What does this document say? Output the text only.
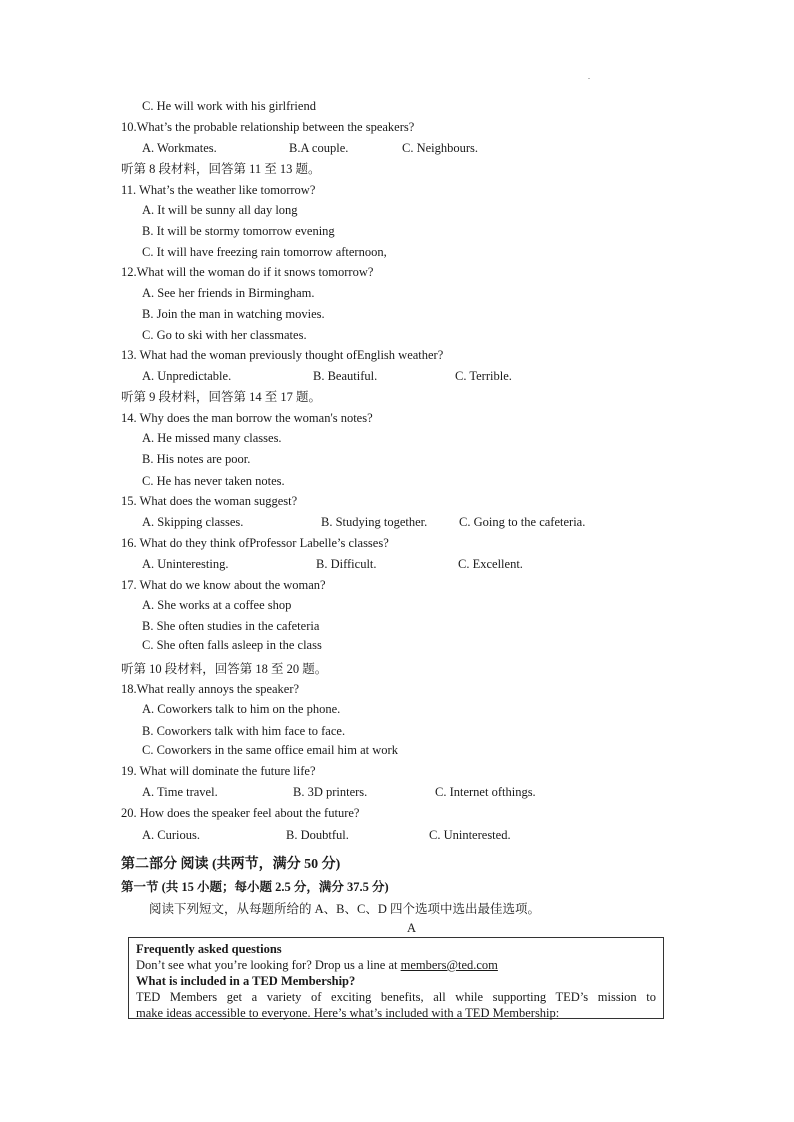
C. He will work with his girlfriend
10.What’s the probable relationship between the speakers?
A. Workmates.	B.A couple.	C. Neighbours.
听第 8 段材料，回答第 11 至 13 题。
11. What’s the weather like tomorrow?
A. It will be sunny all day long
B. It will be stormy tomorrow evening
C. It will have freezing rain tomorrow afternoon,
12.What will the woman do if it snows tomorrow?
A. See her friends in Birmingham.
B. Join the man in watching movies.
C. Go to ski with her classmates.
13. What had the woman previously thought ofEnglish weather?
A. Unpredictable.	B. Beautiful.	C. Terrible.
听第 9 段材料，回答第 14 至 17 题。
14. Why does the man borrow the woman's notes?
A. He missed many classes.
B. His notes are poor.
C. He has never taken notes.
15. What does the woman suggest?
A. Skipping classes.	B. Studying together.	C. Going to the cafeteria.
16. What do they think ofProfessor Labelle’s classes?
A. Uninteresting.	B. Difficult.	C. Excellent.
17. What do we know about the woman?
A. She works at a coffee shop
B. She often studies in the cafeteria
C. She often falls asleep in the class
听第 10 段材料，回答第 18 至 20 题。
18.What really annoys the speaker?
A. Coworkers talk to him on the phone.
B. Coworkers talk with him face to face.
C. Coworkers in the same office email him at work
19. What will dominate the future life?
A. Time travel.	B. 3D printers.	C. Internet ofthings.
20. How does the speaker feel about the future?
A. Curious.	B. Doubtful.	C. Uninterested.
第二部分 阅读 (共两节，满分 50 分)
第一节 (共 15 小题；每小题 2.5 分，满分 37.5 分)
阅读下列短文，从每题所给的 A、B、C、D 四个选项中选出最佳选项。
A
Frequently asked questions
Don’t see what you’re looking for? Drop us a line at members@ted.com
What is included in a TED Membership?
TED Members get a variety of exciting benefits, all while supporting TED’s mission to
make ideas accessible to everyone. Here’s what’s included with a TED Membership:
